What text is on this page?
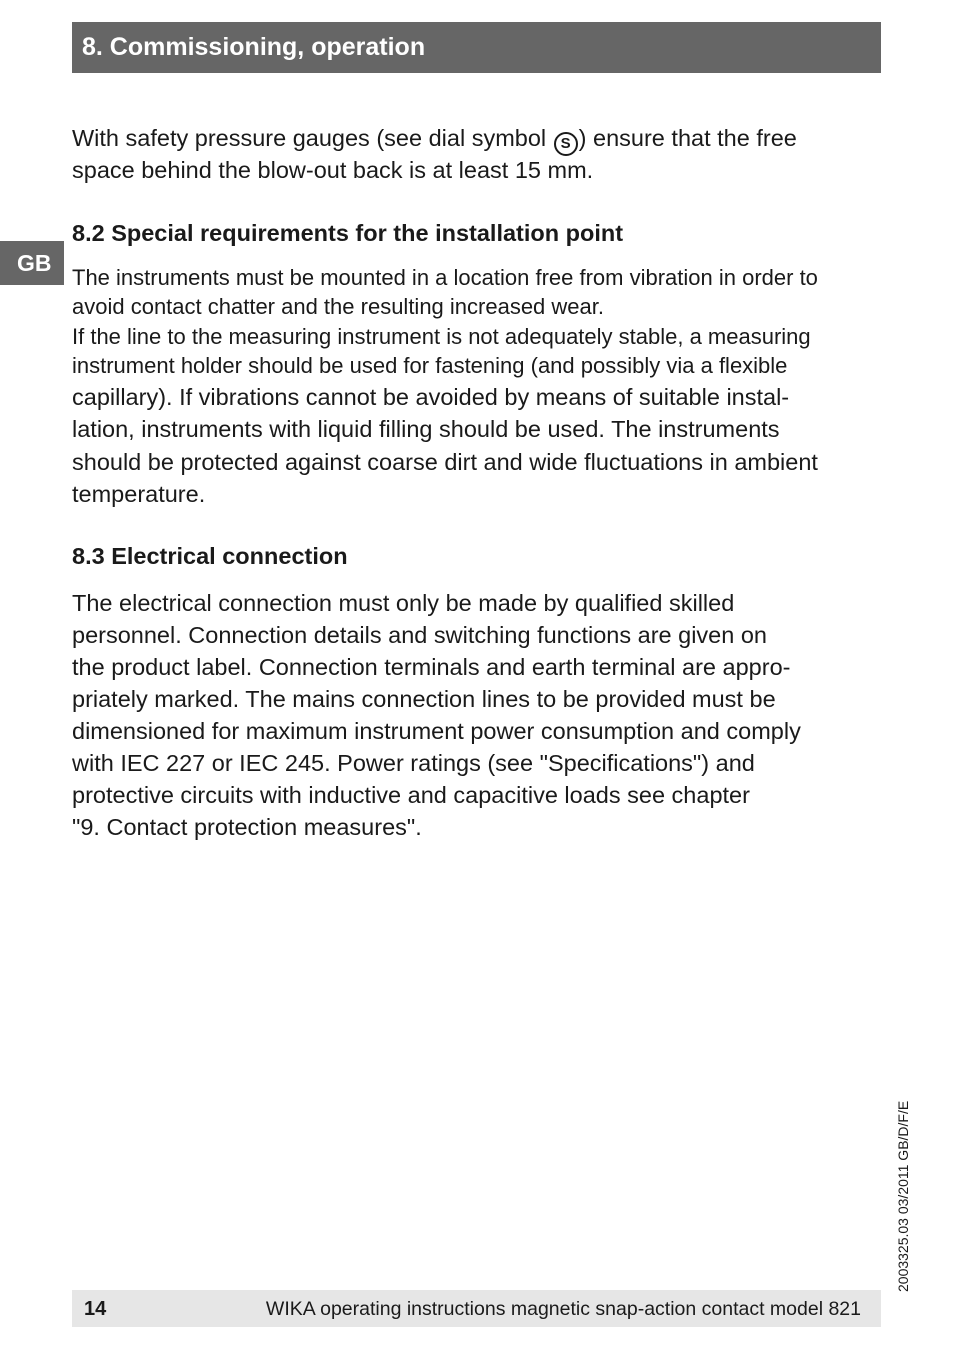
8. Commissioning, operation
GB

With safety pressure gauges (see dial symbol S ) ensure that the free

space behind the blow-out back is at least 15 mm.

8.2 Special requirements for the installation point

The instruments must be mounted in a location free from vibration in order to

avoid contact chatter and the resulting increased wear.

If the line to the measuring instrument is not adequately stable, a measuring

instrument holder should be used for fastening (and possibly via a flexible

capillary). If vibrations cannot be avoided by means of suitable instal-

lation, instruments with liquid filling should be used. The instruments

should be protected against coarse dirt and wide fluctuations in ambient

temperature.

8.3 Electrical connection

The electrical connection must only be made by qualified skilled

personnel. Connection details and switching functions are given on

the product label. Connection terminals and earth terminal are appro-

priately marked. The mains connection lines to be provided must be

dimensioned for maximum instrument power consumption and comply

with IEC 227 or IEC 245. Power ratings (see "Specifications") and

protective circuits with inductive and capacitive loads see chapter

"9. Contact protection measures".

2003325.03 03/2011 GB/D/F/E
14	WIKA operating instructions magnetic snap-action contact model 821
